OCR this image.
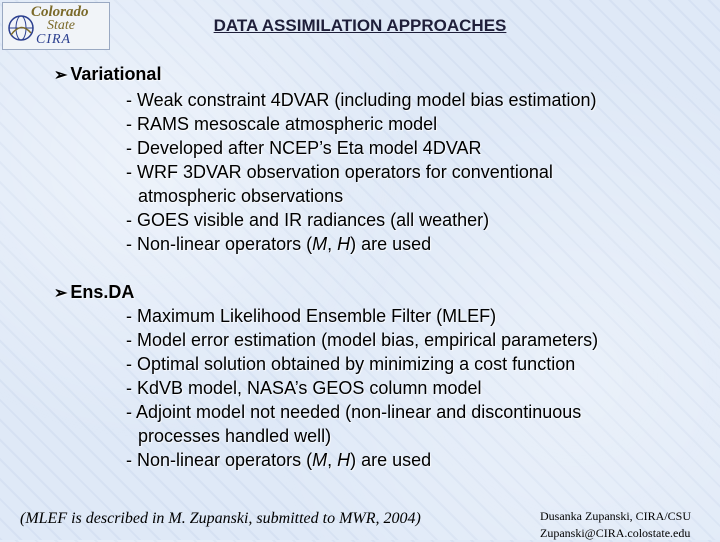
Colorado
State
CIRA
DATA ASSIMILATION APPROACHES
➢ Variational
- Weak constraint 4DVAR (including model bias estimation)
- RAMS mesoscale atmospheric model
- Developed after NCEP’s Eta model 4DVAR
- WRF 3DVAR observation operators for conventional
atmospheric observations
- GOES visible and IR radiances (all weather)
- Non-linear operators (M, H) are used
➢ Ens.DA
- Maximum Likelihood Ensemble Filter (MLEF)
- Model error estimation (model bias, empirical parameters)
- Optimal solution obtained by minimizing a cost function
- KdVB model, NASA’s GEOS column model
- Adjoint model not needed (non-linear and discontinuous
processes handled well)
- Non-linear operators (M, H) are used
(MLEF is described in M. Zupanski, submitted to MWR, 2004)	Dusanka Zupanski, CIRA/CSU
Zupanski@CIRA.colostate.edu
